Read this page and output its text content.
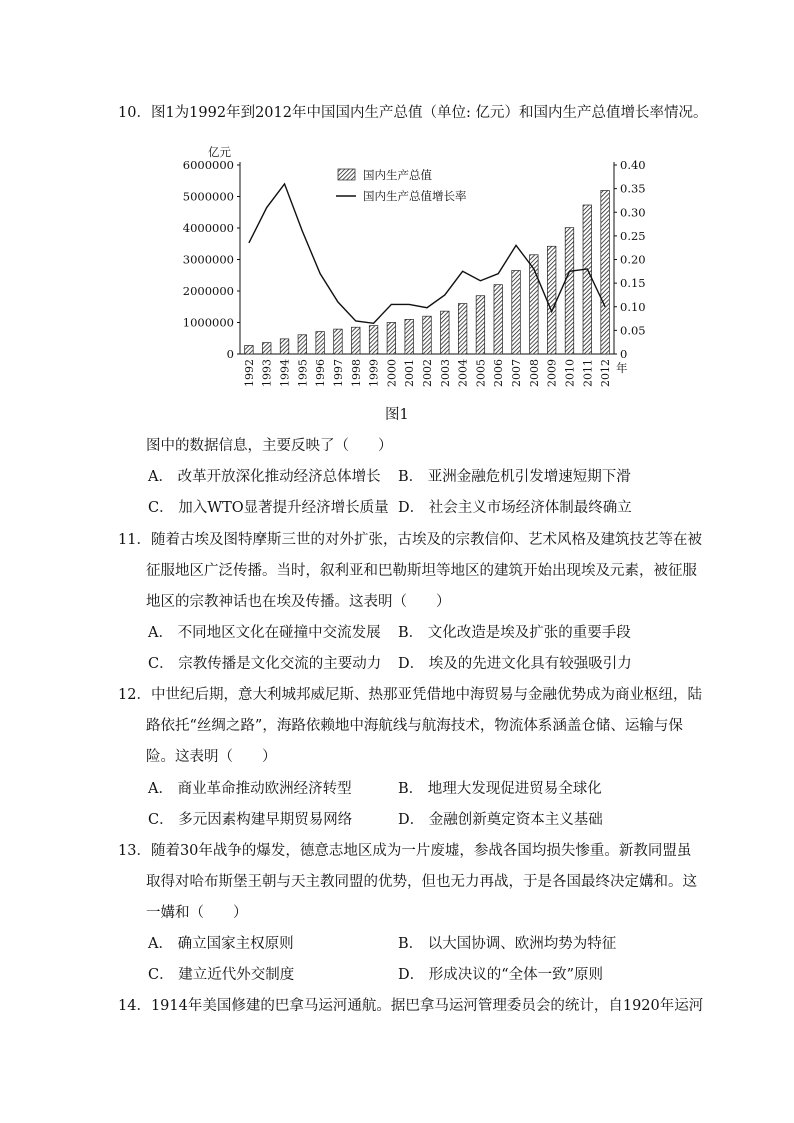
10．图1为1992年到2012年中国国内生产总值（单位: 亿元）和国内生产总值增长率情况。
亿元
6000000
5000000
4000000
3000000
2000000
1000000
0
0.40
0.35
0.30
0.25
0.20
0.15
0.10
0.05
0
1992 1993 1994 1995 1996 1997 1998 1999 2000 2001 2002 2003 2004 2005 2006 2007 2008 2009 2010 2011 2012 年
国内生产总值
国内生产总值增长率
图1
图中的数据信息，主要反映了（　　）
A． 改革开放深化推动经济总体增长 B． 亚洲金融危机引发增速短期下滑
C． 加入WTO显著提升经济增长质量 D． 社会主义市场经济体制最终确立
11．随着古埃及图特摩斯三世的对外扩张，古埃及的宗教信仰、艺术风格及建筑技艺等在被
征服地区广泛传播。当时，叙利亚和巴勒斯坦等地区的建筑开始出现埃及元素，被征服
地区的宗教神话也在埃及传播。这表明（　　）
A． 不同地区文化在碰撞中交流发展 B． 文化改造是埃及扩张的重要手段
C． 宗教传播是文化交流的主要动力 D． 埃及的先进文化具有较强吸引力
12．中世纪后期，意大利城邦威尼斯、热那亚凭借地中海贸易与金融优势成为商业枢纽，陆
路依托“丝绸之路”，海路依赖地中海航线与航海技术，物流体系涵盖仓储、运输与保
险。这表明（　　）
A． 商业革命推动欧洲经济转型	B． 地理大发现促进贸易全球化
C． 多元因素构建早期贸易网络	D． 金融创新奠定资本主义基础
13．随着30年战争的爆发，德意志地区成为一片废墟，参战各国均损失惨重。新教同盟虽
取得对哈布斯堡王朝与天主教同盟的优势，但也无力再战，于是各国最终决定媾和。这
一媾和（　　）
A． 确立国家主权原则	B． 以大国协调、欧洲均势为特征
C． 建立近代外交制度	D． 形成决议的“全体一致”原则
14．1914年美国修建的巴拿马运河通航。据巴拿马运河管理委员会的统计，自1920年运河
